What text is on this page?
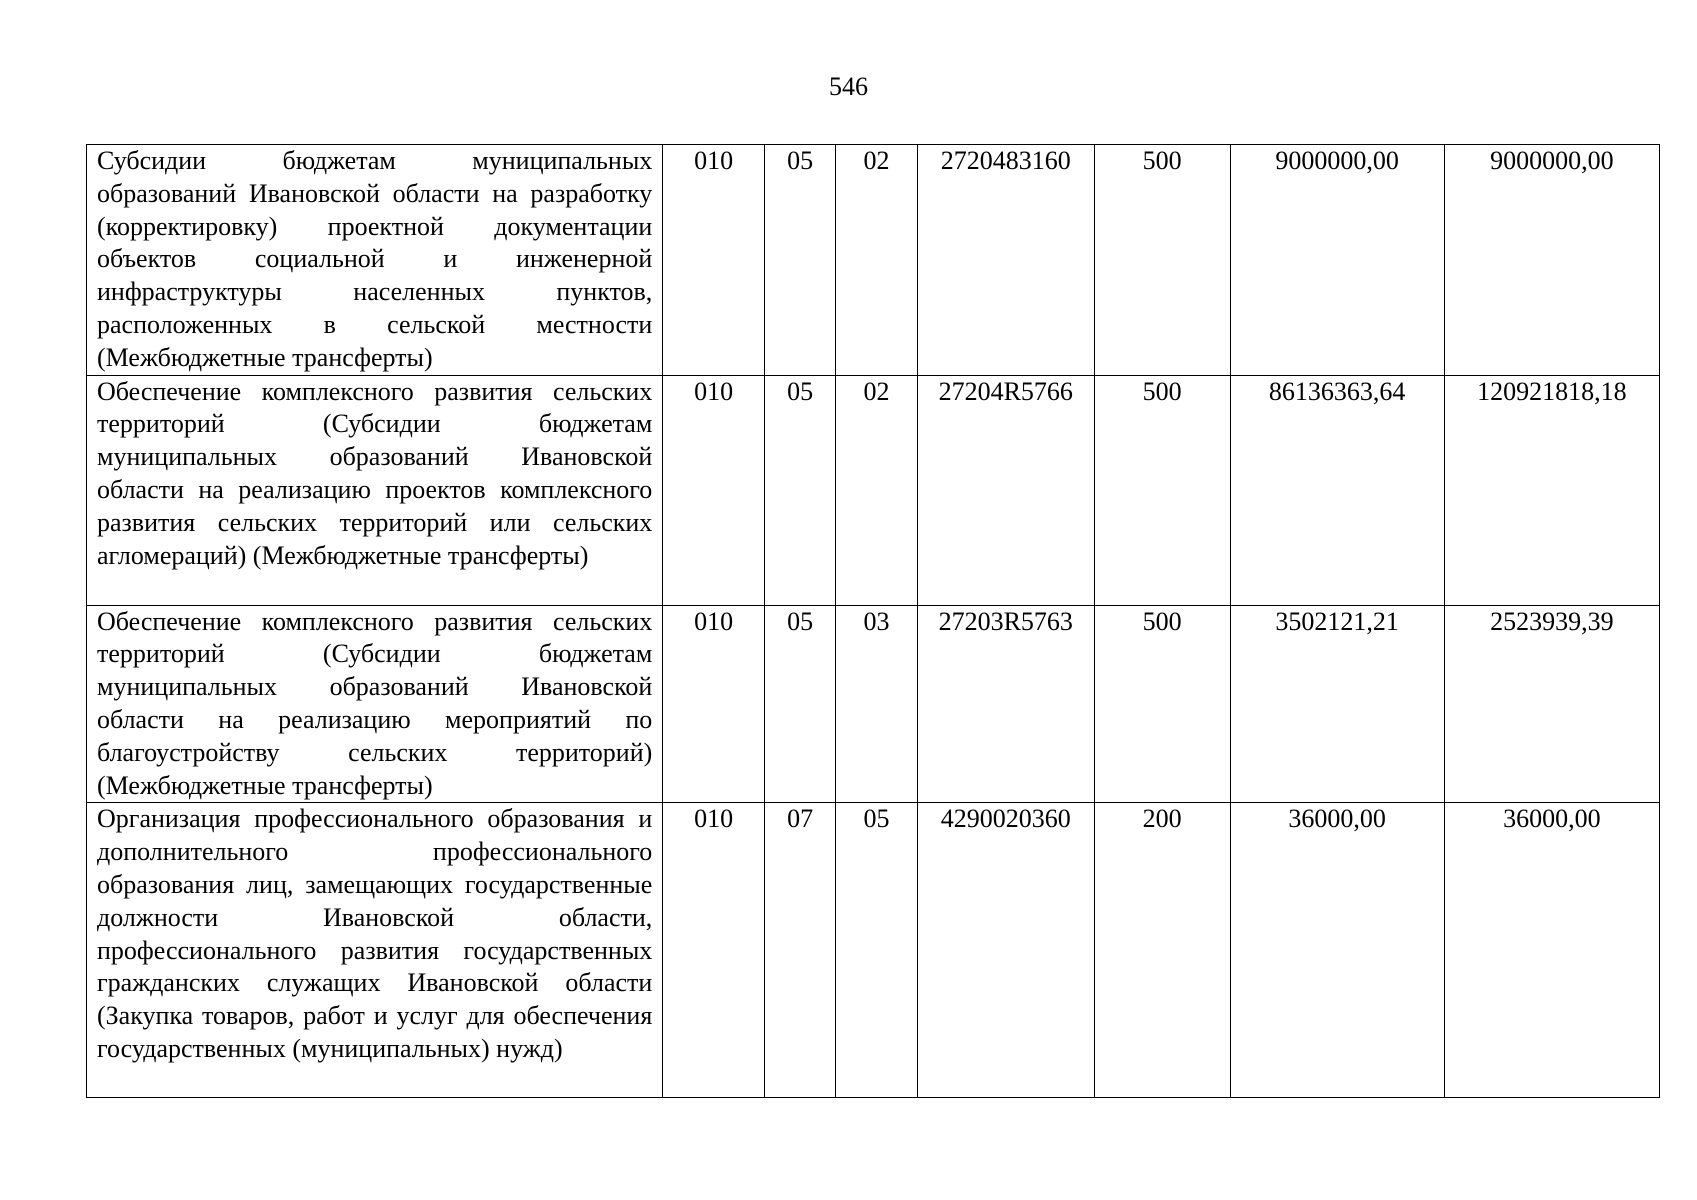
546
Субсидии бюджетам муниципальных образований Ивановской области на разработку (корректировку) проектной документации объектов социальной и инженерной инфраструктуры населенных пунктов, расположенных в сельской местности (Межбюджетные трансферты)	010	05	02	2720483160	500	9000000,00	9000000,00
Обеспечение комплексного развития сельских территорий (Субсидии бюджетам муниципальных образований Ивановской области на реализацию проектов комплексного развития сельских территорий или сельских агломераций) (Межбюджетные трансферты)	010	05	02	27204R5766	500	86136363,64	120921818,18
Обеспечение комплексного развития сельских территорий (Субсидии бюджетам муниципальных образований Ивановской области на реализацию мероприятий по благоустройству сельских территорий) (Межбюджетные трансферты)	010	05	03	27203R5763	500	3502121,21	2523939,39
Организация профессионального образования и дополнительного профессионального образования лиц, замещающих государственные должности Ивановской области, профессионального развития государственных гражданских служащих Ивановской области (Закупка товаров, работ и услуг для обеспечения государственных (муниципальных) нужд)	010	07	05	4290020360	200	36000,00	36000,00
